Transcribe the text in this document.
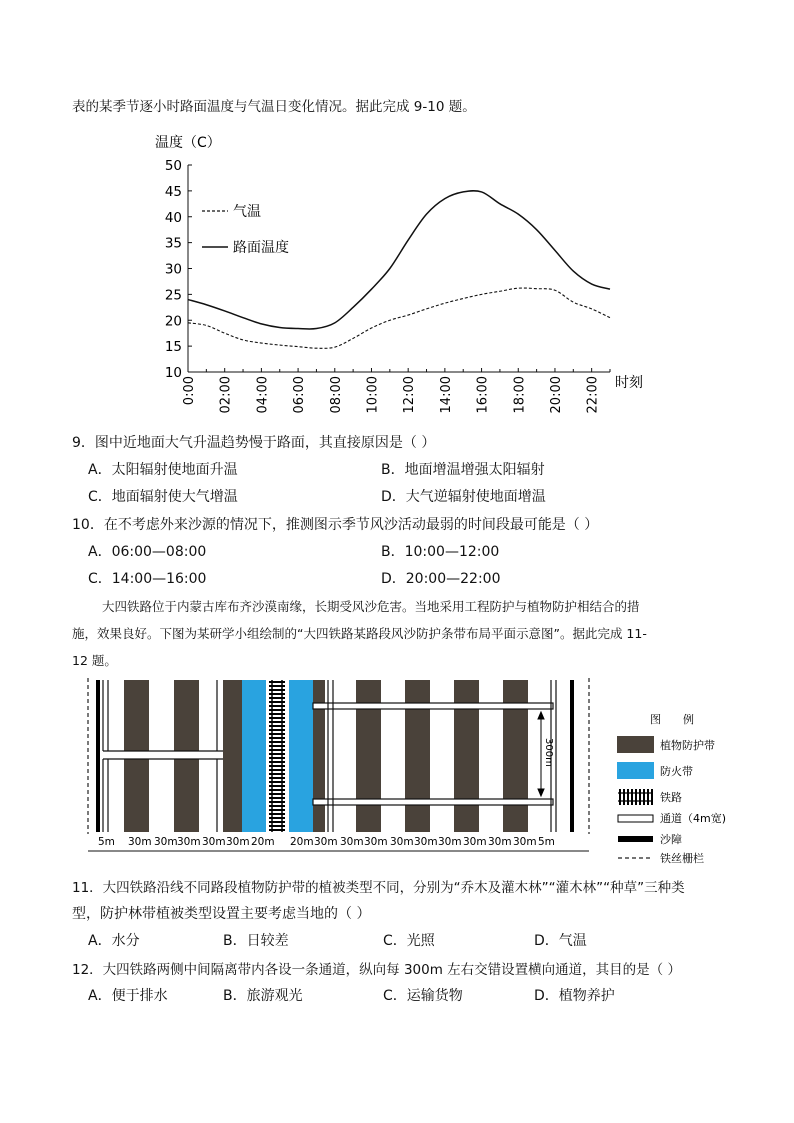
表的某季节逐小时路面温度与气温日变化情况。据此完成 9-10 题。
温度（C）
时刻
10
15
20
25
30
35
40
45
50
0:00 02:00 04:00 06:00 08:00 10:00 12:00 14:00 16:00 18:00 20:00 22:00
气温
路面温度
9．图中近地面大气升温趋势慢于路面，其直接原因是（ ）
A．太阳辐射使地面升温	B．地面增温增强太阳辐射
C．地面辐射使大气增温	D．大气逆辐射使地面增温
10．在不考虑外来沙源的情况下，推测图示季节风沙活动最弱的时间段最可能是（ ）
A．06:00—08:00	B．10:00—12:00
C．14:00—16:00	D．20:00—22:00
大四铁路位于内蒙古库布齐沙漠南缘，长期受风沙危害。当地采用工程防护与植物防护相结合的措
施，效果良好。下图为某研学小组绘制的“大四铁路某路段风沙防护条带布局平面示意图”。据此完成 11-
12 题。
300m
5m 30m 30m 30m 30m 30m 20m 20m 30m 30m 30m 30m 30m 30m 30m 30m 30m 5m
图　　例
植物防护带
防火带
铁路
通道（4m宽)
沙障
铁丝栅栏
11．大四铁路沿线不同路段植物防护带的植被类型不同，分别为“乔木及灌木林”“灌木林”“种草”三种类
型，防护林带植被类型设置主要考虑当地的（ ）
A．水分	B．日较差	C．光照	D．气温
12．大四铁路两侧中间隔离带内各设一条通道，纵向每 300m 左右交错设置横向通道，其目的是（ ）
A．便于排水	B．旅游观光	C．运输货物	D．植物养护
